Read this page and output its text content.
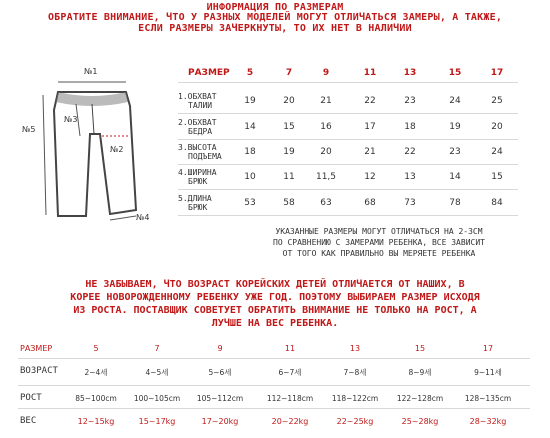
ИНФОРМАЦИЯ ПО РАЗМЕРАМ
ОБРАТИТЕ ВНИМАНИЕ, ЧТО У РАЗНЫХ МОДЕЛЕЙ МОГУТ ОТЛИЧАТЬСЯ ЗАМЕРЫ, А ТАКЖЕ,
ЕСЛИ РАЗМЕРЫ ЗАЧЕРКНУТЫ, ТО ИХ НЕТ В НАЛИЧИИ
№1
№2
№3
№4
№5
РАЗМЕР	5	7	9	11	13	15	17
1.ОБХВАТ
ТАЛИИ	19	20	21	22	23	24	25
2.ОБХВАТ
БЕДРА	14	15	16	17	18	19	20
3.ВЫСОТА
ПОДЪЕМА	18	19	20	21	22	23	24
4.ШИРИНА
БРЮК	10	11	11,5	12	13	14	15
5.ДЛИНА
БРЮК	53	58	63	68	73	78	84
УКАЗАННЫЕ РАЗМЕРЫ МОГУТ ОТЛИЧАТЬСЯ НА 2-3СМ
ПО СРАВНЕНИЮ С ЗАМЕРАМИ РЕБЕНКА, ВСЕ ЗАВИСИТ
ОТ ТОГО КАК ПРАВИЛЬНО ВЫ МЕРЯЕТЕ РЕБЕНКА
НЕ ЗАБЫВАЕМ, ЧТО ВОЗРАСТ КОРЕЙСКИХ ДЕТЕЙ ОТЛИЧАЕТСЯ ОТ НАШИХ, В
КОРЕЕ НОВОРОЖДЕННОМУ РЕБЕНКУ УЖЕ ГОД. ПОЭТОМУ ВЫБИРАЕМ РАЗМЕР ИСХОДЯ
ИЗ РОСТА. ПОСТАВЩИК СОВЕТУЕТ ОБРАТИТЬ ВНИМАНИЕ НЕ ТОЛЬКО НА РОСТ, А
ЛУЧШЕ НА ВЕС РЕБЕНКА.
РАЗМЕР	5	7	9	11	13	15	17
ВОЗРАСТ	2~4세	4~5세	5~6세	6~7세	7~8세	8~9세	9~11세
РОСТ	85~100cm	100~105cm	105~112cm	112~118cm	118~122cm	122~128cm	128~135cm
ВЕС	12~15kg	15~17kg	17~20kg	20~22kg	22~25kg	25~28kg	28~32kg
